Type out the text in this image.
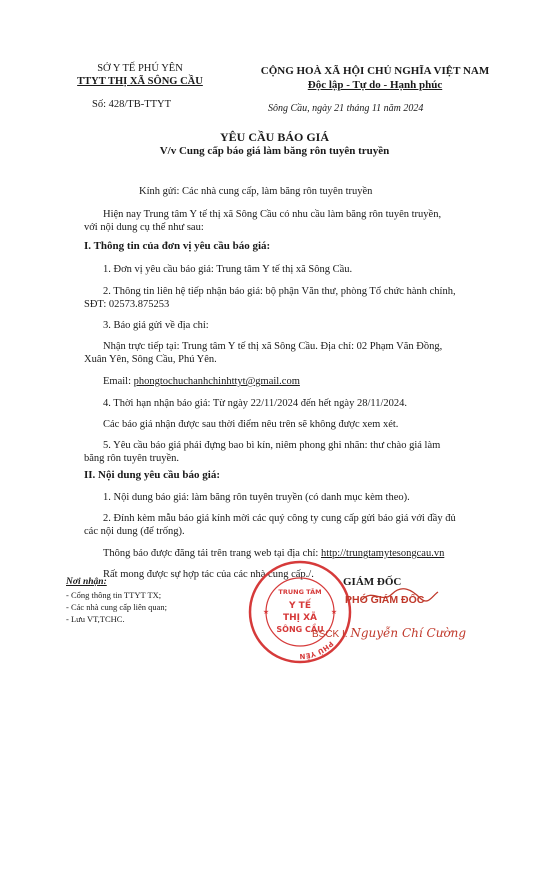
SỞ Y TẾ PHÚ YÊN
TTYT THỊ XÃ SÔNG CẦU
Số: 428/TB-TTYT
CỘNG HOÀ XÃ HỘI CHỦ NGHĨA VIỆT NAM
Độc lập - Tự do - Hạnh phúc
Sông Cầu, ngày 21 tháng 11 năm 2024
YÊU CẦU BÁO GIÁ
V/v Cung cấp báo giá làm băng rôn tuyên truyền
Kính gửi: Các nhà cung cấp, làm băng rôn tuyên truyền
Hiện nay Trung tâm Y tế thị xã Sông Cầu có nhu cầu làm băng rôn tuyên truyền,
với nội dung cụ thể như sau:
I. Thông tin của đơn vị yêu cầu báo giá:
1. Đơn vị yêu cầu báo giá: Trung tâm Y tế thị xã Sông Cầu.
2. Thông tin liên hệ tiếp nhận báo giá: bộ phận Văn thư, phòng Tổ chức hành chính,
SĐT: 02573.875253
3. Báo giá gửi về địa chỉ:
Nhận trực tiếp tại: Trung tâm Y tế thị xã Sông Cầu. Địa chỉ: 02 Phạm Văn Đồng,
Xuân Yên, Sông Cầu, Phú Yên.
Email: phongtochuchanhchinhttyt@gmail.com
4. Thời hạn nhận báo giá: Từ ngày 22/11/2024 đến hết ngày 28/11/2024.
Các báo giá nhận được sau thời điểm nêu trên sẽ không được xem xét.
5. Yêu cầu báo giá phải đựng bao bì kín, niêm phong ghi nhãn: thư chào giá làm
băng rôn tuyên truyền.
II. Nội dung yêu cầu báo giá:
1. Nội dung báo giá: làm băng rôn tuyên truyền (có danh mục kèm theo).
2. Đính kèm mẫu báo giá kính mời các quý công ty cung cấp gửi báo giá với đầy đủ
các nội dung (để trống).
Thông báo được đăng tải trên trang web tại địa chỉ: http://trungtamytesongcau.vn
Rất mong được sự hợp tác của các nhà cung cấp./.
Nơi nhận:
- Cổng thông tin TTYT TX;
- Các nhà cung cấp liên quan;
- Lưu VT,TCHC.
PHÚ YÊN
TRUNG TÂM
Y TẾ
THỊ XÃ
SÔNG CẦU
★	★
GIÁM ĐỐC
PHÓ GIÁM ĐỐC
BSCK I. Nguyễn Chí Cường
